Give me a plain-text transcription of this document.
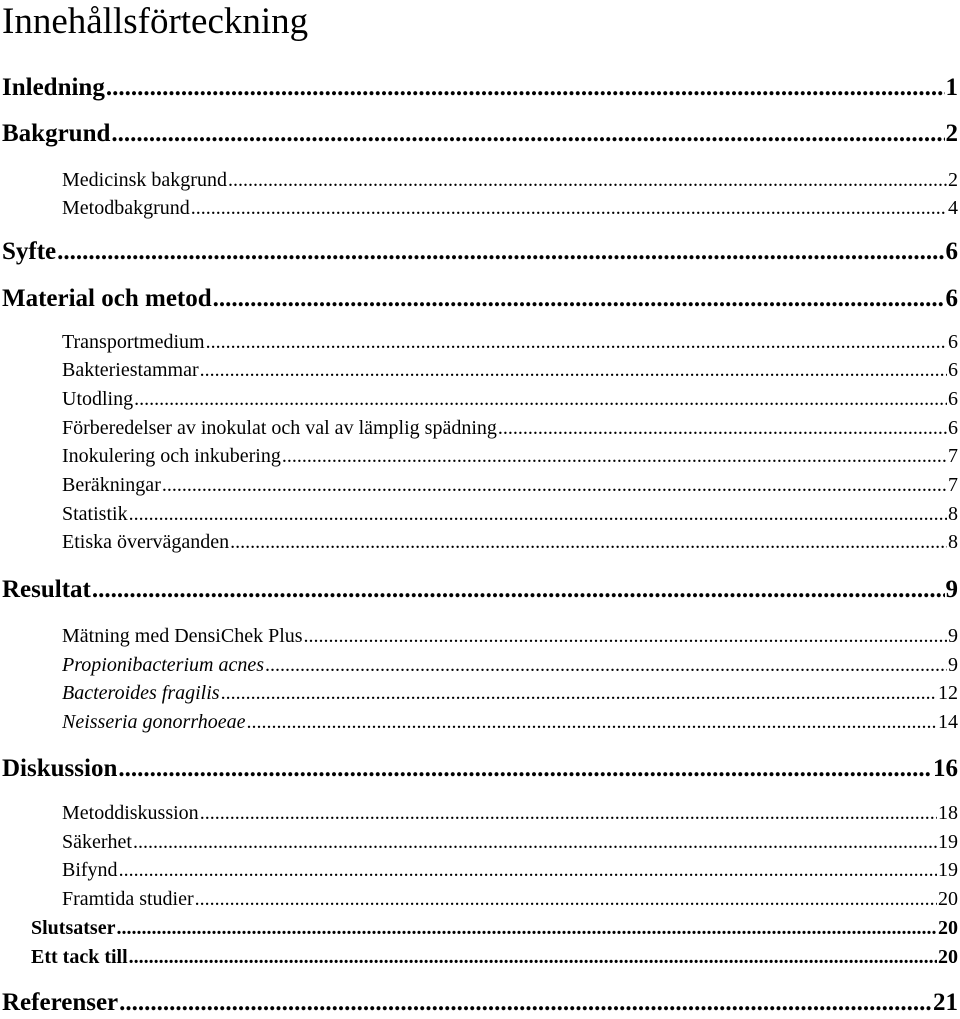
Innehållsförteckning
Inledning .....	1
Bakgrund .....	2
Medicinsk bakgrund .....	2
Metodbakgrund .....	4
Syfte .....	6
Material och metod .....	6
Transportmedium .....	6
Bakteriestammar .....	6
Utodling .....	6
Förberedelser av inokulat och val av lämplig spädning .....	6
Inokulering och inkubering .....	7
Beräkningar .....	7
Statistik .....	8
Etiska överväganden .....	8
Resultat .....	9
Mätning med DensiChek Plus .....	9
Propionibacterium acnes .....	9
Bacteroides fragilis .....	12
Neisseria gonorrhoeae .....	14
Diskussion .....	16
Metoddiskussion .....	18
Säkerhet .....	19
Bifynd .....	19
Framtida studier .....	20
Slutsatser .....	20
Ett tack till .....	20
Referenser .....	21
